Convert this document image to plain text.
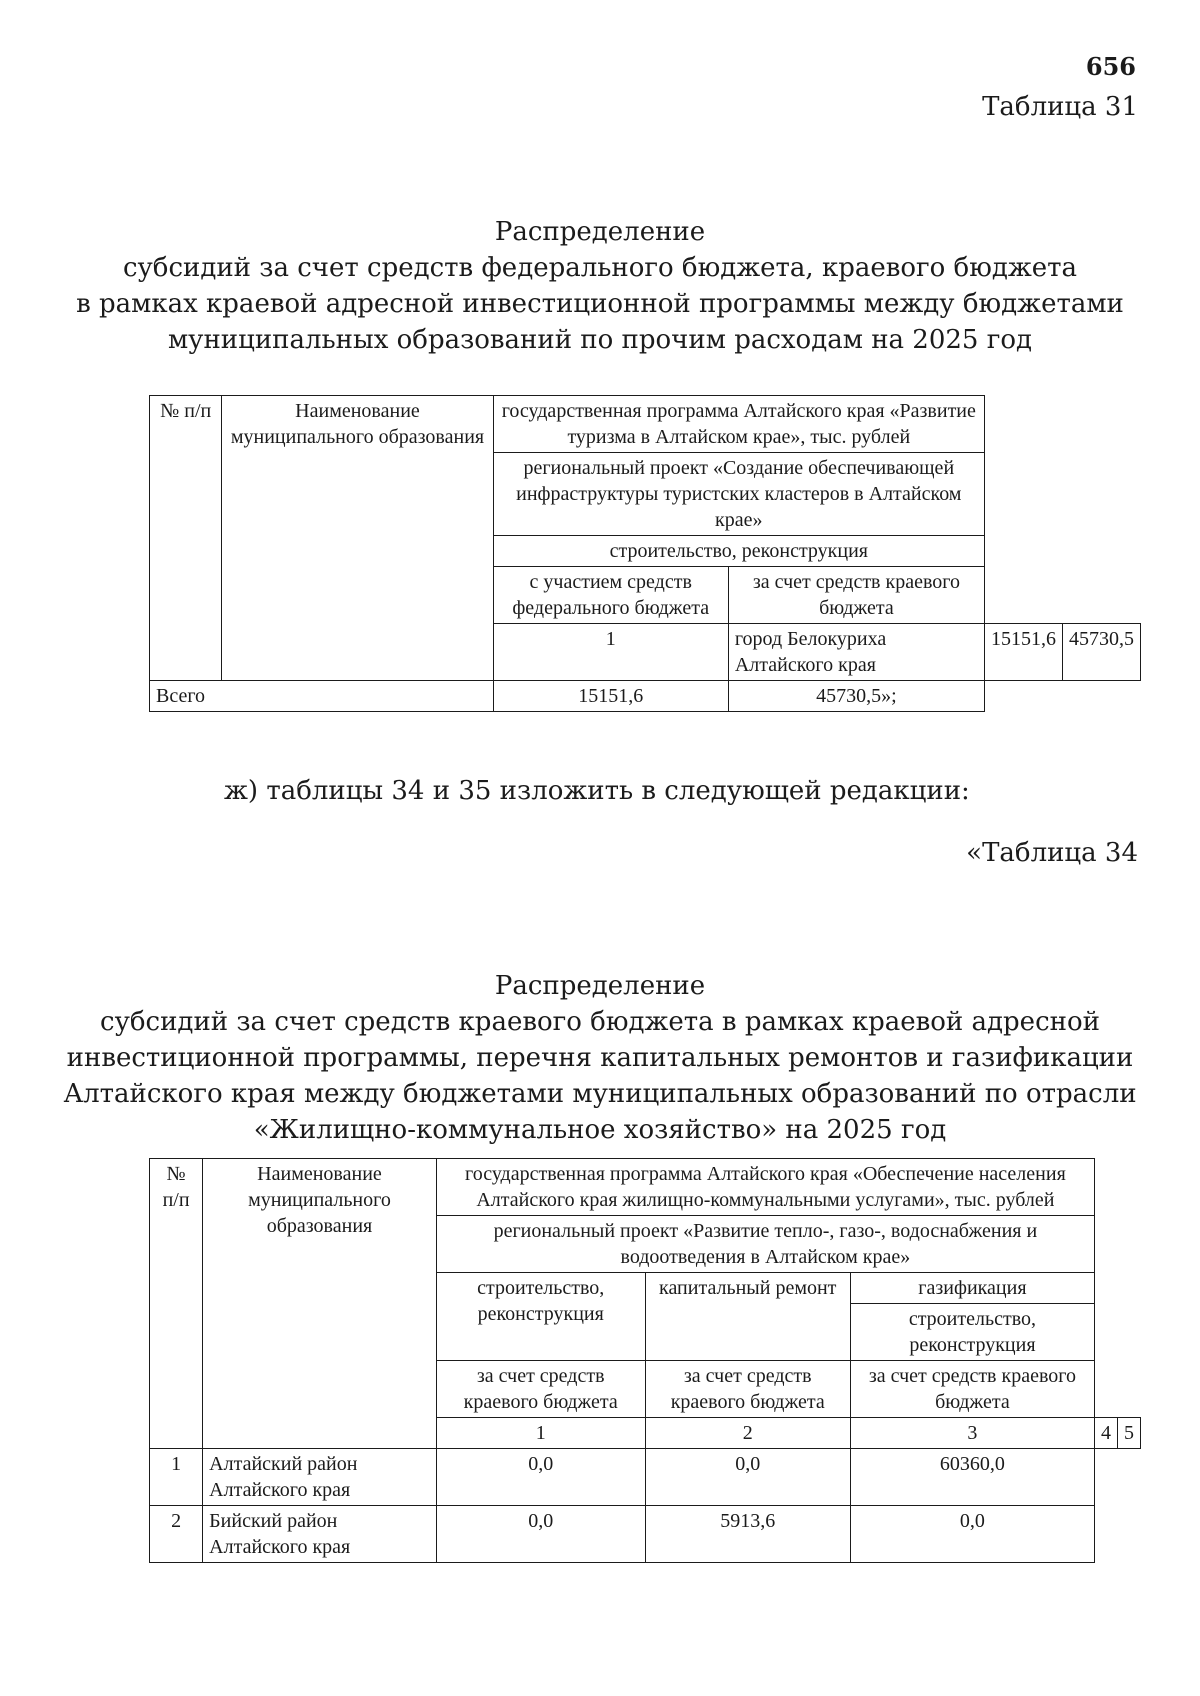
656
Таблица 31
Распределение
субсидий за счет средств федерального бюджета, краевого бюджета
в рамках краевой адресной инвестиционной программы между бюджетами
муниципальных образований по прочим расходам на 2025 год
№ п/п	Наименование муниципального образования	государственная программа Алтайского края «Развитие туризма в Алтайском крае», тыс. рублей			
		региональный проект «Создание обеспечивающей инфраструктуры туристских кластеров в Алтайском крае»			
		строительство, реконструкция			
		с участием средств федерального бюджета	за счет средств краевого бюджета		
		1	город Белокуриха Алтайского края	15151,6	45730,5
Всего		15151,6	45730,5»;		
ж) таблицы 34 и 35 изложить в следующей редакции:
«Таблица 34
Распределение
субсидий за счет средств краевого бюджета в рамках краевой адресной
инвестиционной программы, перечня капитальных ремонтов и газификации
Алтайского края между бюджетами муниципальных образований по отрасли
«Жилищно-коммунальное хозяйство» на 2025 год
№ п/п	Наименование муниципального образования	государственная программа Алтайского края «Обеспечение населения Алтайского края жилищно-коммунальными услугами», тыс. рублей				
		региональный проект «Развитие тепло-, газо-, водоснабжения и водоотведения в Алтайском крае»				
		строительство, реконструкция	капитальный ремонт	газификация		
				строительство, реконструкция		
		за счет средств краевого бюджета	за счет средств краевого бюджета	за счет средств краевого бюджета		
		1	2	3	4	5
1	Алтайский район Алтайского края	0,0	0,0	60360,0		
2	Бийский район Алтайского края	0,0	5913,6	0,0		
